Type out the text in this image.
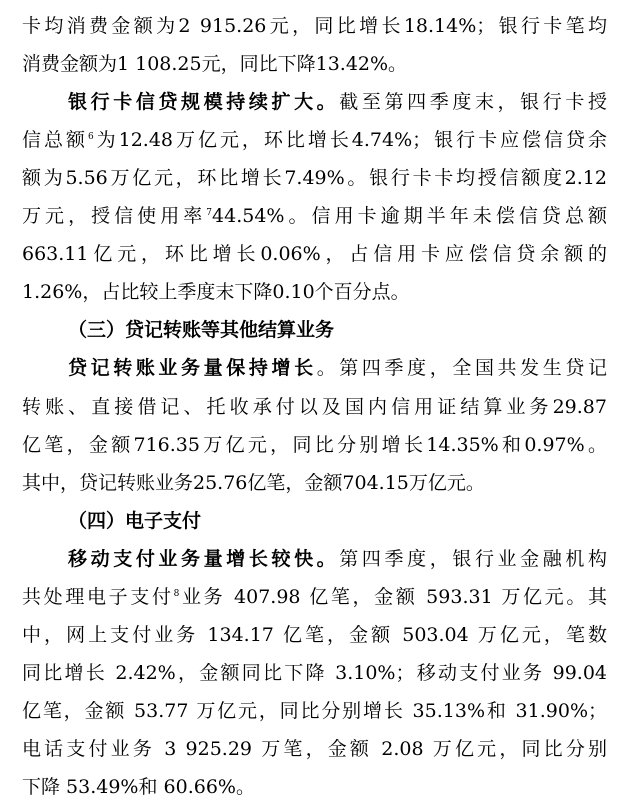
卡均消费金额为2 915.26元，同比增长18.14%；银行卡笔均
消费金额为1 108.25元，同比下降13.42%。
银行卡信贷规模持续扩大。截至第四季度末，银行卡授
信总额$^6$为12.48万亿元，环比增长4.74%；银行卡应偿信贷余
额为5.56万亿元，环比增长7.49%。银行卡卡均授信额度2.12
万元，授信使用率$^7$44.54%。信用卡逾期半年未偿信贷总额
663.11亿元，环比增长0.06%，占信用卡应偿信贷余额的
1.26%，占比较上季度末下降0.10个百分点。
（三）贷记转账等其他结算业务
贷记转账业务量保持增长。第四季度，全国共发生贷记
转账、直接借记、托收承付以及国内信用证结算业务29.87
亿笔，金额716.35万亿元，同比分别增长14.35%和0.97%。
其中，贷记转账业务25.76亿笔，金额704.15万亿元。
（四）电子支付
移动支付业务量增长较快。第四季度，银行业金融机构
共处理电子支付$^8$业务 407.98 亿笔，金额 593.31 万亿元。其
中，网上支付业务 134.17 亿笔，金额 503.04 万亿元，笔数
同比增长 2.42%，金额同比下降 3.10%；移动支付业务 99.04
亿笔，金额 53.77 万亿元，同比分别增长 35.13%和 31.90%；
电话支付业务 3 925.29 万笔，金额 2.08 万亿元，同比分别
下降 53.49%和 60.66%。
